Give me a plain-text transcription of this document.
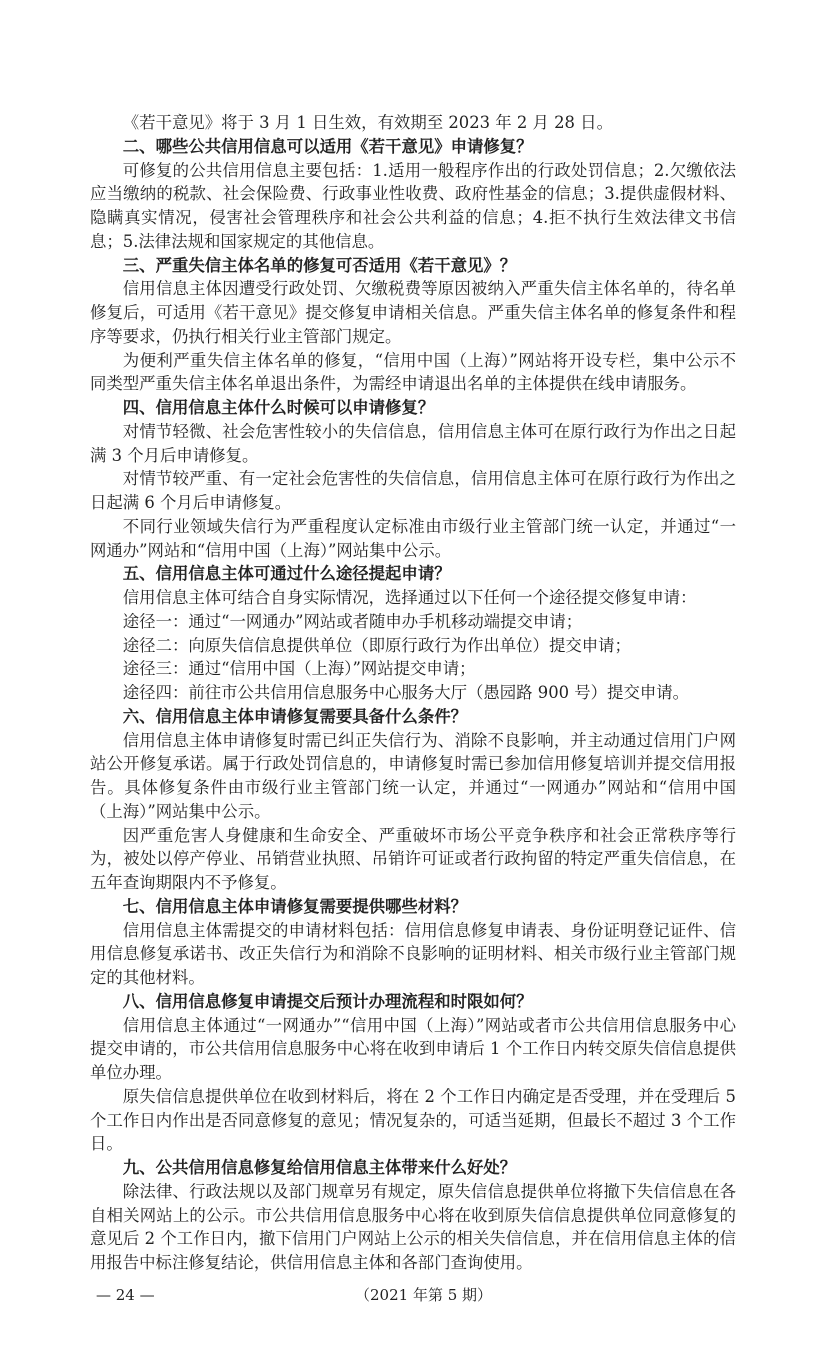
《若干意见》将于 3 月 1 日生效，有效期至 2023 年 2 月 28 日。

二、哪些公共信用信息可以适用《若干意见》申请修复？

可修复的公共信用信息主要包括：1.适用一般程序作出的行政处罚信息；2.欠缴依法应当缴纳的税款、社会保险费、行政事业性收费、政府性基金的信息；3.提供虚假材料、隐瞒真实情况，侵害社会管理秩序和社会公共利益的信息；4.拒不执行生效法律文书信息；5.法律法规和国家规定的其他信息。

三、严重失信主体名单的修复可否适用《若干意见》？

信用信息主体因遭受行政处罚、欠缴税费等原因被纳入严重失信主体名单的，待名单修复后，可适用《若干意见》提交修复申请相关信息。严重失信主体名单的修复条件和程序等要求，仍执行相关行业主管部门规定。

为便利严重失信主体名单的修复，“信用中国（上海）”网站将开设专栏，集中公示不同类型严重失信主体名单退出条件，为需经申请退出名单的主体提供在线申请服务。

四、信用信息主体什么时候可以申请修复？

对情节轻微、社会危害性较小的失信信息，信用信息主体可在原行政行为作出之日起满 3 个月后申请修复。

对情节较严重、有一定社会危害性的失信信息，信用信息主体可在原行政行为作出之日起满 6 个月后申请修复。

不同行业领域失信行为严重程度认定标准由市级行业主管部门统一认定，并通过“一网通办”网站和“信用中国（上海）”网站集中公示。

五、信用信息主体可通过什么途径提起申请？

信用信息主体可结合自身实际情况，选择通过以下任何一个途径提交修复申请：

途径一：通过“一网通办”网站或者随申办手机移动端提交申请；

途径二：向原失信信息提供单位（即原行政行为作出单位）提交申请；

途径三：通过“信用中国（上海）”网站提交申请；

途径四：前往市公共信用信息服务中心服务大厅（愚园路 900 号）提交申请。

六、信用信息主体申请修复需要具备什么条件？

信用信息主体申请修复时需已纠正失信行为、消除不良影响，并主动通过信用门户网站公开修复承诺。属于行政处罚信息的，申请修复时需已参加信用修复培训并提交信用报告。具体修复条件由市级行业主管部门统一认定，并通过“一网通办”网站和“信用中国（上海）”网站集中公示。

因严重危害人身健康和生命安全、严重破坏市场公平竞争秩序和社会正常秩序等行为，被处以停产停业、吊销营业执照、吊销许可证或者行政拘留的特定严重失信信息，在五年查询期限内不予修复。

七、信用信息主体申请修复需要提供哪些材料？

信用信息主体需提交的申请材料包括：信用信息修复申请表、身份证明登记证件、信用信息修复承诺书、改正失信行为和消除不良影响的证明材料、相关市级行业主管部门规定的其他材料。

八、信用信息修复申请提交后预计办理流程和时限如何？

信用信息主体通过“一网通办”“信用中国（上海）”网站或者市公共信用信息服务中心提交申请的，市公共信用信息服务中心将在收到申请后 1 个工作日内转交原失信信息提供单位办理。

原失信信息提供单位在收到材料后，将在 2 个工作日内确定是否受理，并在受理后 5 个工作日内作出是否同意修复的意见；情况复杂的，可适当延期，但最长不超过 3 个工作日。

九、公共信用信息修复给信用信息主体带来什么好处？

除法律、行政法规以及部门规章另有规定，原失信信息提供单位将撤下失信信息在各自相关网站上的公示。市公共信用信息服务中心将在收到原失信信息提供单位同意修复的意见后 2 个工作日内，撤下信用门户网站上公示的相关失信信息，并在信用信息主体的信用报告中标注修复结论，供信用信息主体和各部门查询使用。

— 24 —	（2021 年第 5 期）
